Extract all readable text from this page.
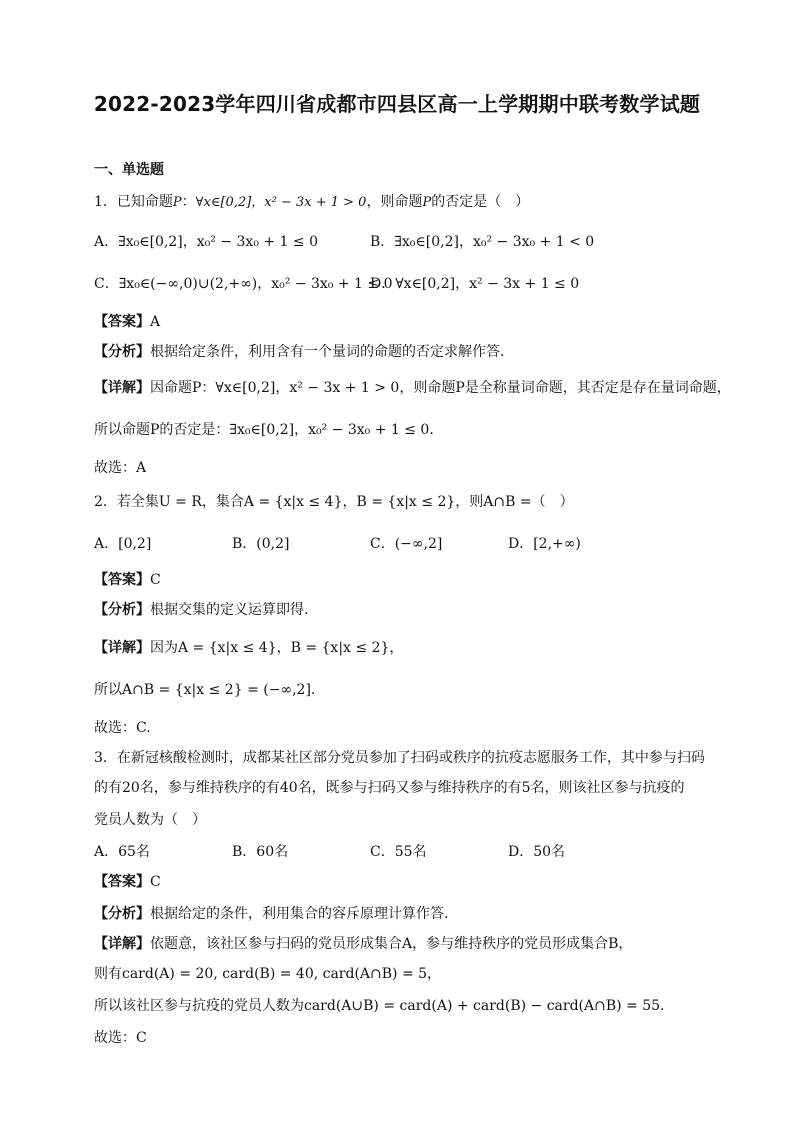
2022-2023学年四川省成都市四县区高一上学期期中联考数学试题
一、单选题
1．已知命题P：∀x∈[0,2]，x² − 3x + 1 > 0，则命题P的否定是（　）
A．∃x₀∈[0,2]，x₀² − 3x₀ + 1 ≤ 0	B．∃x₀∈[0,2]，x₀² − 3x₀ + 1 < 0
C．∃x₀∈(−∞,0)∪(2,+∞)，x₀² − 3x₀ + 1 ≤ 0
D．∀x∈[0,2]，x² − 3x + 1 ≤ 0
【答案】A
【分析】根据给定条件，利用含有一个量词的命题的否定求解作答.
【详解】因命题P：∀x∈[0,2]，x² − 3x + 1 > 0，则命题P是全称量词命题，其否定是存在量词命题，
所以命题P的否定是：∃x₀∈[0,2]，x₀² − 3x₀ + 1 ≤ 0.
故选：A
2．若全集U = R，集合A = {x|x ≤ 4}，B = {x|x ≤ 2}，则A∩B =（　）
A．[0,2]	B．(0,2]	C．(−∞,2]	D．[2,+∞)
【答案】C
【分析】根据交集的定义运算即得.
【详解】因为A = {x|x ≤ 4}，B = {x|x ≤ 2}，
所以A∩B = {x|x ≤ 2} = (−∞,2].
故选：C.
3．在新冠核酸检测时，成都某社区部分党员参加了扫码或秩序的抗疫志愿服务工作，其中参与扫码
的有20名，参与维持秩序的有40名，既参与扫码又参与维持秩序的有5名，则该社区参与抗疫的
党员人数为（　）
A．65名	B．60名	C．55名	D．50名
【答案】C
【分析】根据给定的条件，利用集合的容斥原理计算作答.
【详解】依题意，该社区参与扫码的党员形成集合A，参与维持秩序的党员形成集合B，
则有card(A) = 20, card(B) = 40, card(A∩B) = 5，
所以该社区参与抗疫的党员人数为card(A∪B) = card(A) + card(B) − card(A∩B) = 55.
故选：C
